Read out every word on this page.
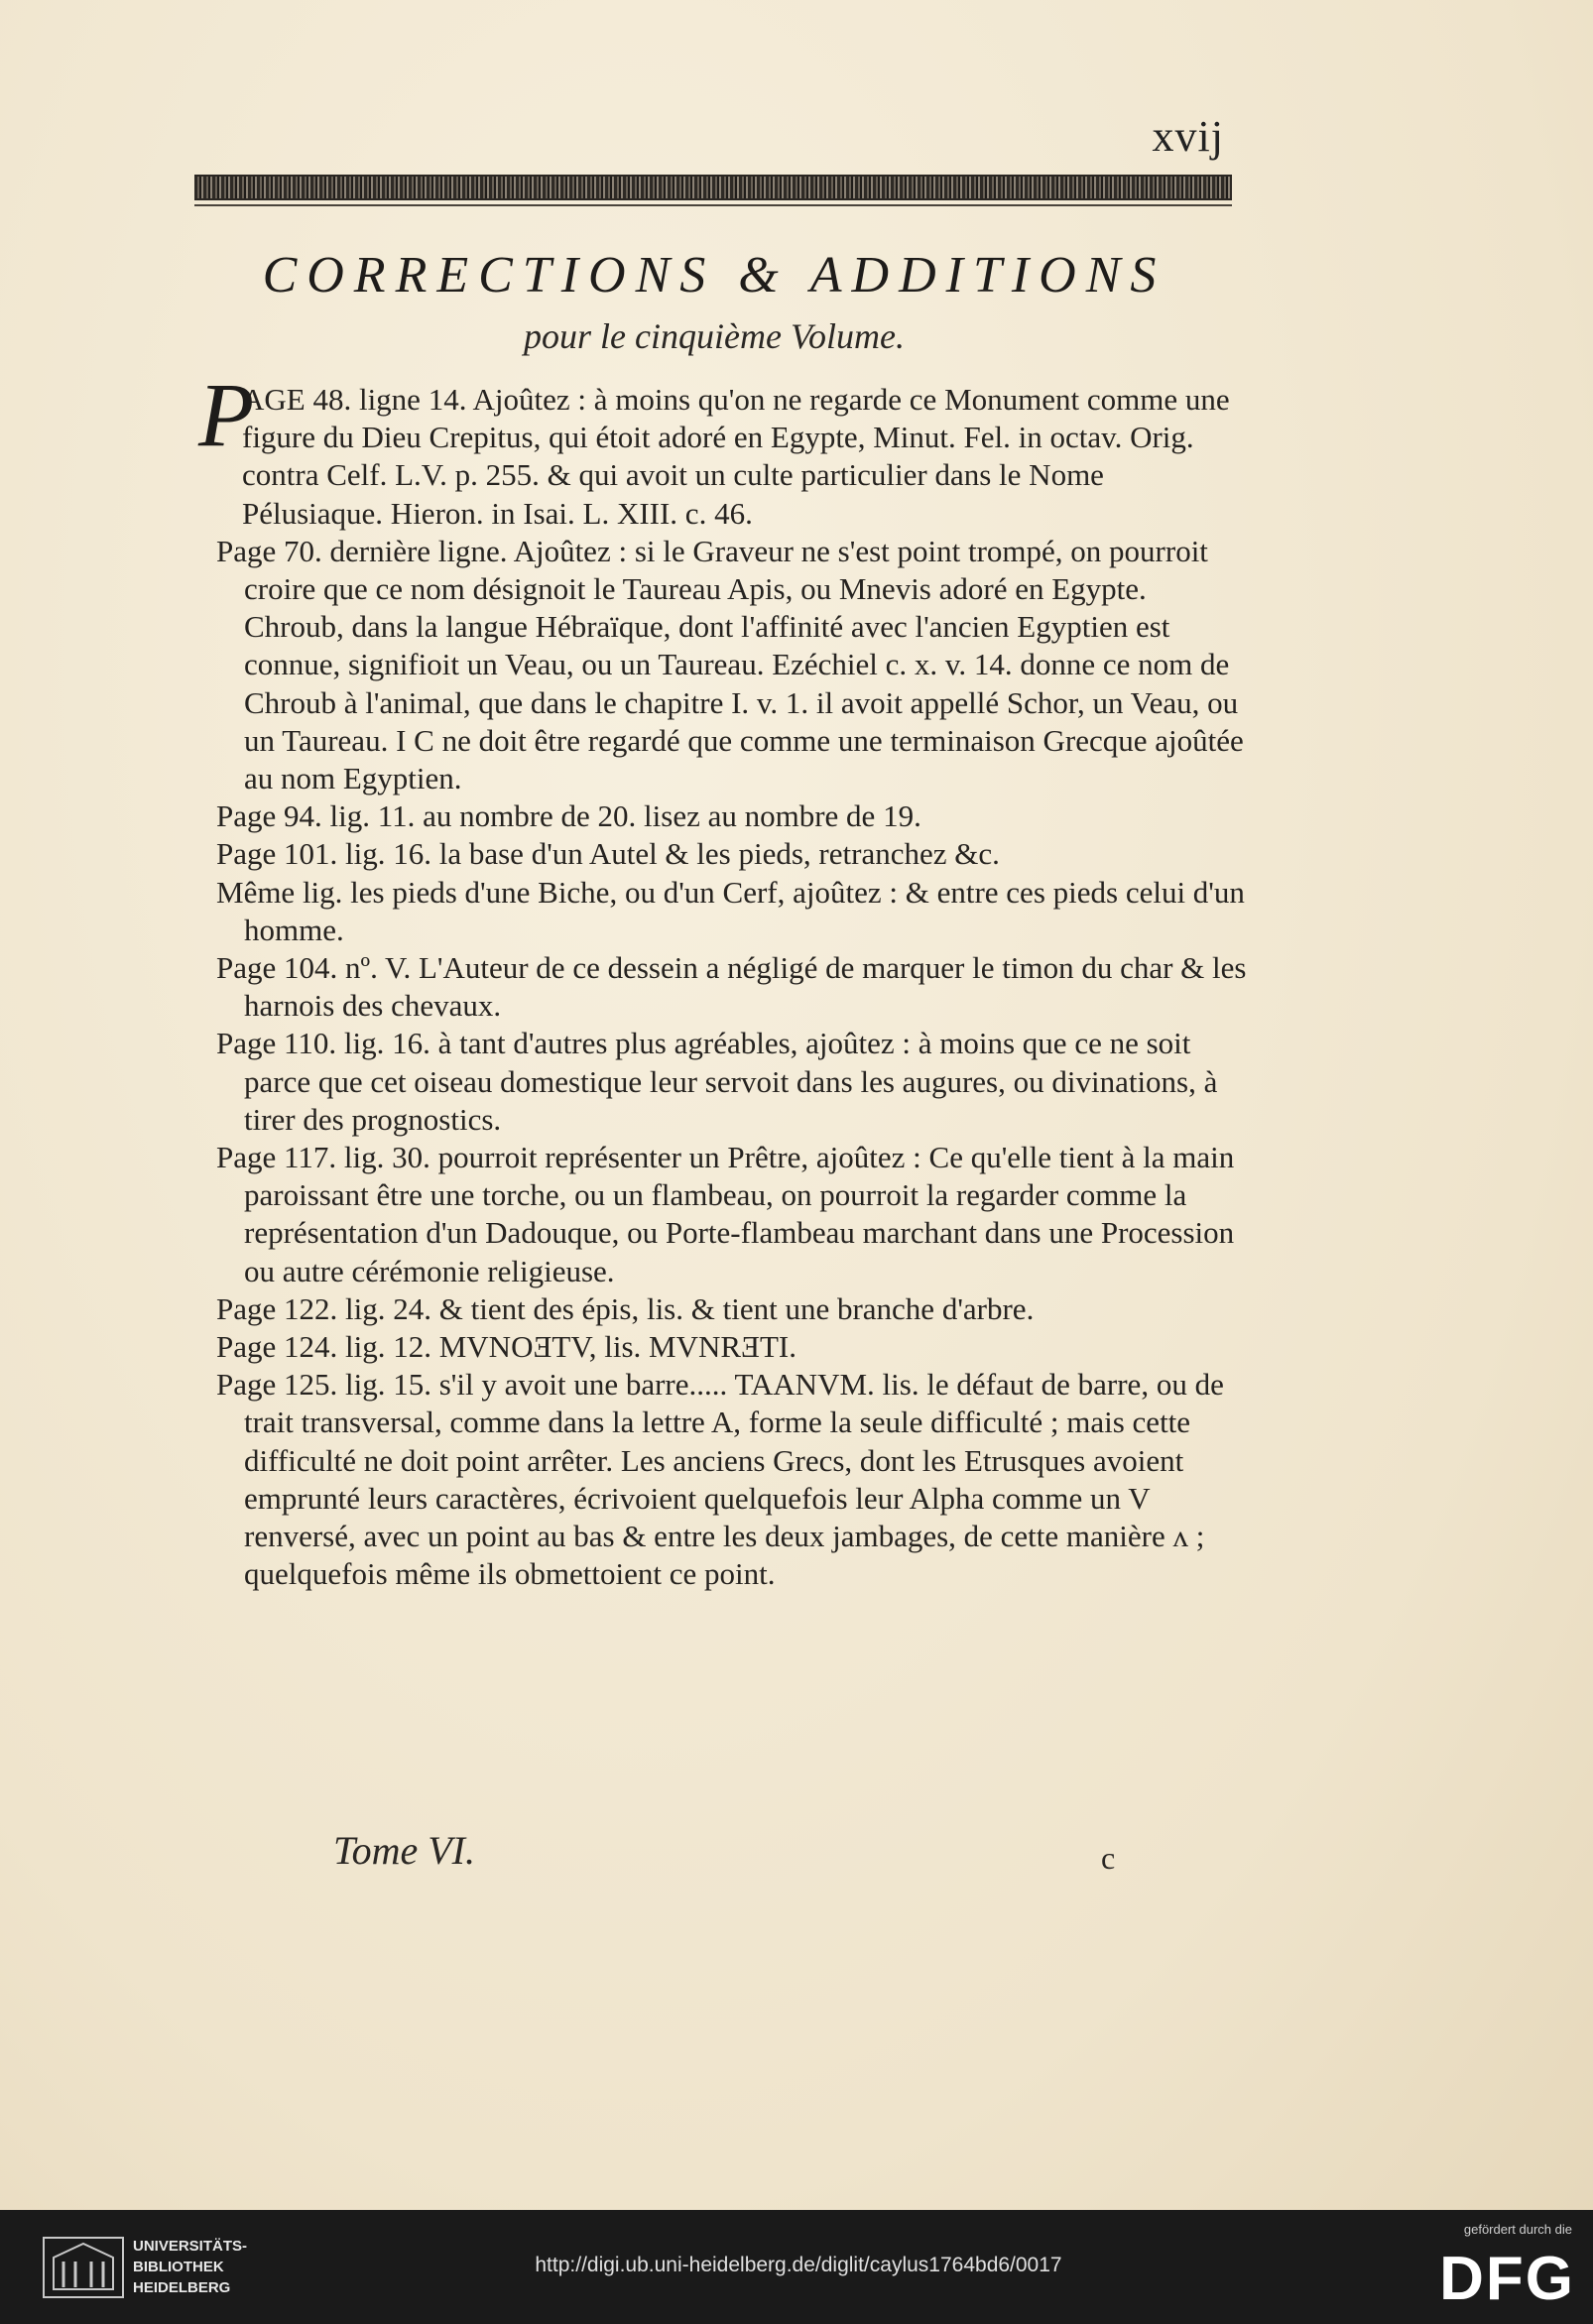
xvij
CORRECTIONS & ADDITIONS
pour le cinquième Volume.

P
AGE 48. ligne 14. Ajoûtez : à moins qu'on ne regarde ce Monument comme une figure du Dieu Crepitus, qui étoit adoré en Egypte, Minut. Fel. in octav. Orig. contra Celf. L.V. p. 255. & qui avoit un culte particulier dans le Nome Pélusiaque. Hieron. in Isai. L. XIII. c. 46.

Page 70. dernière ligne. Ajoûtez : si le Graveur ne s'est point trompé, on pourroit croire que ce nom désignoit le Taureau Apis, ou Mnevis adoré en Egypte. Chroub, dans la langue Hébraïque, dont l'affinité avec l'ancien Egyptien est connue, signifioit un Veau, ou un Taureau. Ezéchiel c. x. v. 14. donne ce nom de Chroub à l'animal, que dans le chapitre I. v. 1. il avoit appellé Schor, un Veau, ou un Taureau. I C ne doit être regardé que comme une terminaison Grecque ajoûtée au nom Egyptien.

Page 94. lig. 11. au nombre de 20. lisez au nombre de 19.

Page 101. lig. 16. la base d'un Autel & les pieds, retranchez &c.

Même lig. les pieds d'une Biche, ou d'un Cerf, ajoûtez : & entre ces pieds celui d'un homme.

Page 104. nº. V. L'Auteur de ce dessein a négligé de marquer le timon du char & les harnois des chevaux.

Page 110. lig. 16. à tant d'autres plus agréables, ajoûtez : à moins que ce ne soit parce que cet oiseau domestique leur servoit dans les augures, ou divinations, à tirer des prognostics.

Page 117. lig. 30. pourroit représenter un Prêtre, ajoûtez : Ce qu'elle tient à la main paroissant être une torche, ou un flambeau, on pourroit la regarder comme la représentation d'un Dadouque, ou Porte-flambeau marchant dans une Procession ou autre cérémonie religieuse.

Page 122. lig. 24. & tient des épis, lis. & tient une branche d'arbre.

Page 124. lig. 12. MVNOƎTV, lis. MVNRƎTI.

Page 125. lig. 15. s'il y avoit une barre..... TAANVM. lis. le défaut de barre, ou de trait transversal, comme dans la lettre A, forme la seule difficulté ; mais cette difficulté ne doit point arrêter. Les anciens Grecs, dont les Etrusques avoient emprunté leurs caractères, écrivoient quelquefois leur Alpha comme un V renversé, avec un point au bas & entre les deux jambages, de cette manière ʌ ; quelquefois même ils obmettoient ce point.

Tome VI.	c
UNIVERSITÄTS-
BIBLIOTHEK
HEIDELBERG
http://digi.ub.uni-heidelberg.de/diglit/caylus1764bd6/0017
gefördert durch die
DFG
